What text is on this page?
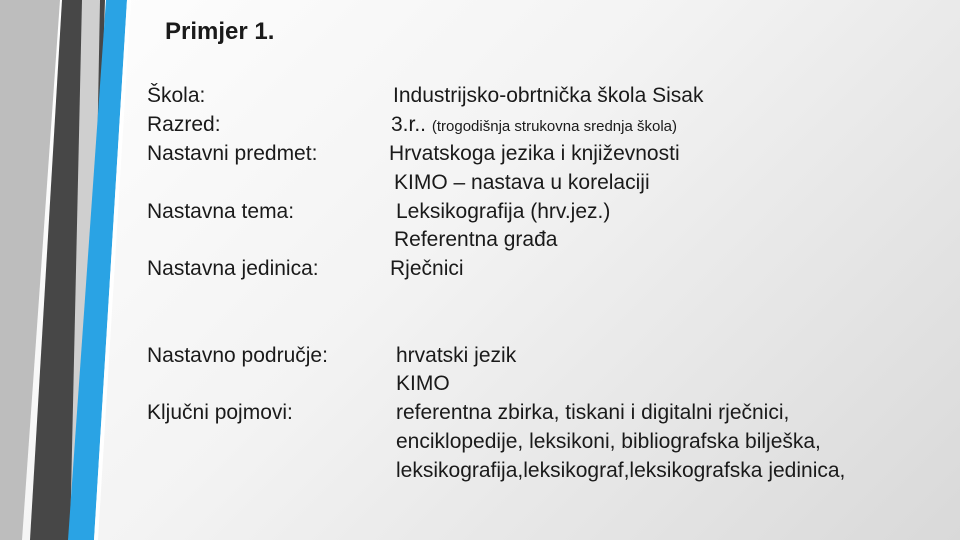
Primjer 1.
Škola:
Razred:
Nastavni predmet:
Nastavna tema:
Nastavna jedinica:
Nastavno područje:
Ključni pojmovi:
Industrijsko-obrtnička škola Sisak
3.r.. (trogodišnja strukovna srednja škola)
Hrvatskoga jezika i književnosti
KIMO – nastava u korelaciji
Leksikografija (hrv.jez.)
Referentna građa
Rječnici
hrvatski jezik
KIMO
referentna zbirka, tiskani i digitalni rječnici,
enciklopedije, leksikoni, bibliografska bilješka,
leksikografija,leksikograf,leksikografska jedinica,
